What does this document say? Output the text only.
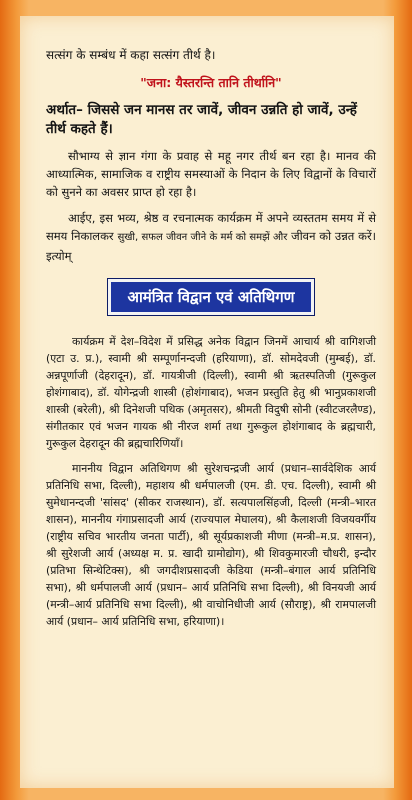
सत्संग के सम्बंध में कहा सत्संग तीर्थ है।

"जना: यैस्तरन्ति तानि तीर्थानि"

अर्थात– जिससे जन मानस तर जावें, जीवन उन्नति हो जावें, उन्हें तीर्थ कहते हैं।

सौभाग्य से ज्ञान गंगा के प्रवाह से महू नगर तीर्थ बन रहा है। मानव की आध्यात्मिक, सामाजिक व राष्ट्रीय समस्याओं के निदान के लिए विद्वानों के विचारों को सुनने का अवसर प्राप्त हो रहा है।

आईए, इस भव्य, श्रेष्ठ व रचनात्मक कार्यक्रम में अपने व्यस्ततम समय में से समय निकालकर सुखी, सफल जीवन जीने के मर्म को समझें और जीवन को उन्नत करें। इत्योम्

आमंत्रित विद्वान एवं अतिथिगण

कार्यक्रम में देश–विदेश में प्रसिद्ध अनेक विद्वान जिनमें आचार्य श्री वागिशजी (एटा उ. प्र.), स्वामी श्री सम्पूर्णानन्दजी (हरियाणा), डॉ. सोमदेवजी (मुम्बई), डॉ. अन्नपूर्णाजी (देहरादून), डॉ. गायत्रीजी (दिल्ली), स्वामी श्री ऋतस्पतिजी (गुरूकुल होशंगाबाद), डॉ. योगेन्द्रजी शास्त्री (होशंगाबाद), भजन प्रस्तुति हेतु श्री भानुप्रकाशजी शास्त्री (बरेली), श्री दिनेशजी पथिक (अमृतसर), श्रीमती विदुषी सोनी (स्वीटजरलैण्ड), संगीतकार एवं भजन गायक श्री नीरज शर्मा तथा गुरूकुल होशंगाबाद के ब्रह्मचारी, गुरूकुल देहरादून की ब्रह्मचारिणियॉं।

माननीय विद्वान अतिथिगण श्री सुरेशचन्द्रजी आर्य (प्रधान–सार्वदेशिक आर्य प्रतिनिधि सभा, दिल्ली), महाशय श्री धर्मपालजी (एम. डी. एच. दिल्ली), स्वामी श्री सुमेधानन्दजी 'सांसद' (सीकर राजस्थान), डॉ. सत्यपालसिंहजी, दिल्ली (मन्त्री–भारत शासन), माननीय गंगाप्रसादजी आर्य (राज्यपाल मेघालय), श्री कैलाशजी विजयवर्गीय (राष्ट्रीय सचिव भारतीय जनता पार्टी), श्री सूर्यप्रकाशजी मीणा (मन्त्री–म.प्र. शासन), श्री सुरेशजी आर्य (अध्यक्ष म. प्र. खादी ग्रामोद्योग), श्री शिवकुमारजी चौधरी, इन्दौर (प्रतिभा सिन्थेटिक्स), श्री जगदीशप्रसादजी केडिया (मन्त्री–बंगाल आर्य प्रतिनिधि सभा), श्री धर्मपालजी आर्य (प्रधान– आर्य प्रतिनिधि सभा दिल्ली), श्री विनयजी आर्य (मन्त्री–आर्य प्रतिनिधि सभा दिल्ली), श्री वाचोनिधीजी आर्य (सौराष्ट्र), श्री रामपालजी आर्य (प्रधान– आर्य प्रतिनिधि सभा, हरियाणा)।
